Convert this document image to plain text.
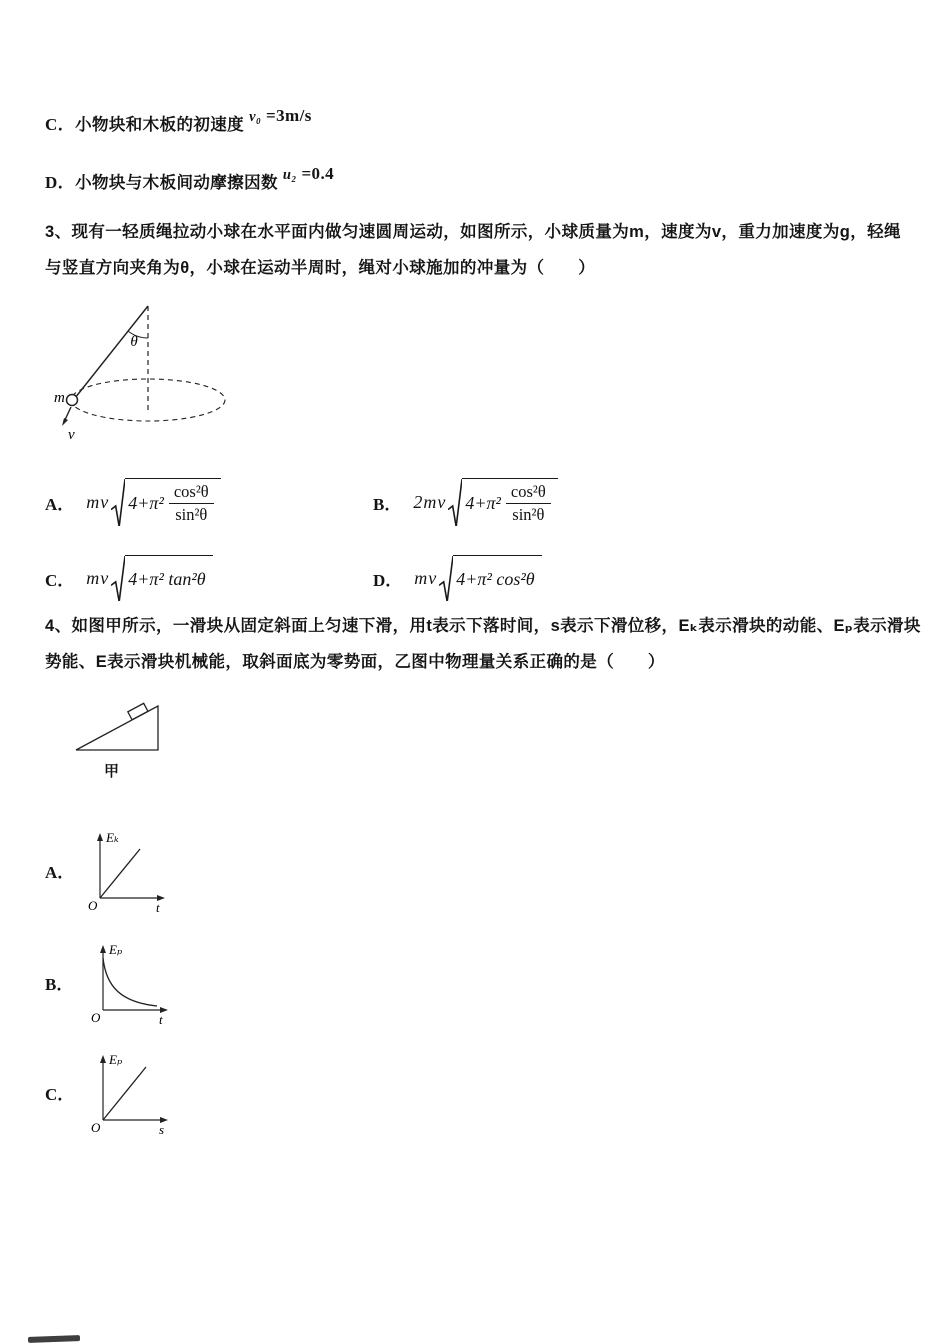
C．小物块和木板的初速度 v₀ =3m/s
D．小物块与木板间动摩擦因数 u₂ =0.4
3、现有一轻质绳拉动小球在水平面内做匀速圆周运动，如图所示，小球质量为m，速度为v，重力加速度为g，轻绳
与竖直方向夹角为θ，小球在运动半周时，绳对小球施加的冲量为（　　）
θ
m
v
A． mv $4+\pi^2 \frac{\text{cos²θ}}{\text{sin²θ}}$	B． 2mv $4+\pi^2 \frac{\text{cos²θ}}{\text{sin²θ}}$
C． mv 4+π² tan²θ	D． mv 4+π² cos²θ
4、如图甲所示，一滑块从固定斜面上匀速下滑，用t表示下落时间，s表示下滑位移，Eₖ表示滑块的动能、Eₚ表示滑块
势能、E表示滑块机械能，取斜面底为零势面，乙图中物理量关系正确的是（　　）
甲
A．
Eₖ
t
O
B．
Eₚ
t
O
C．
Eₚ
s
O
